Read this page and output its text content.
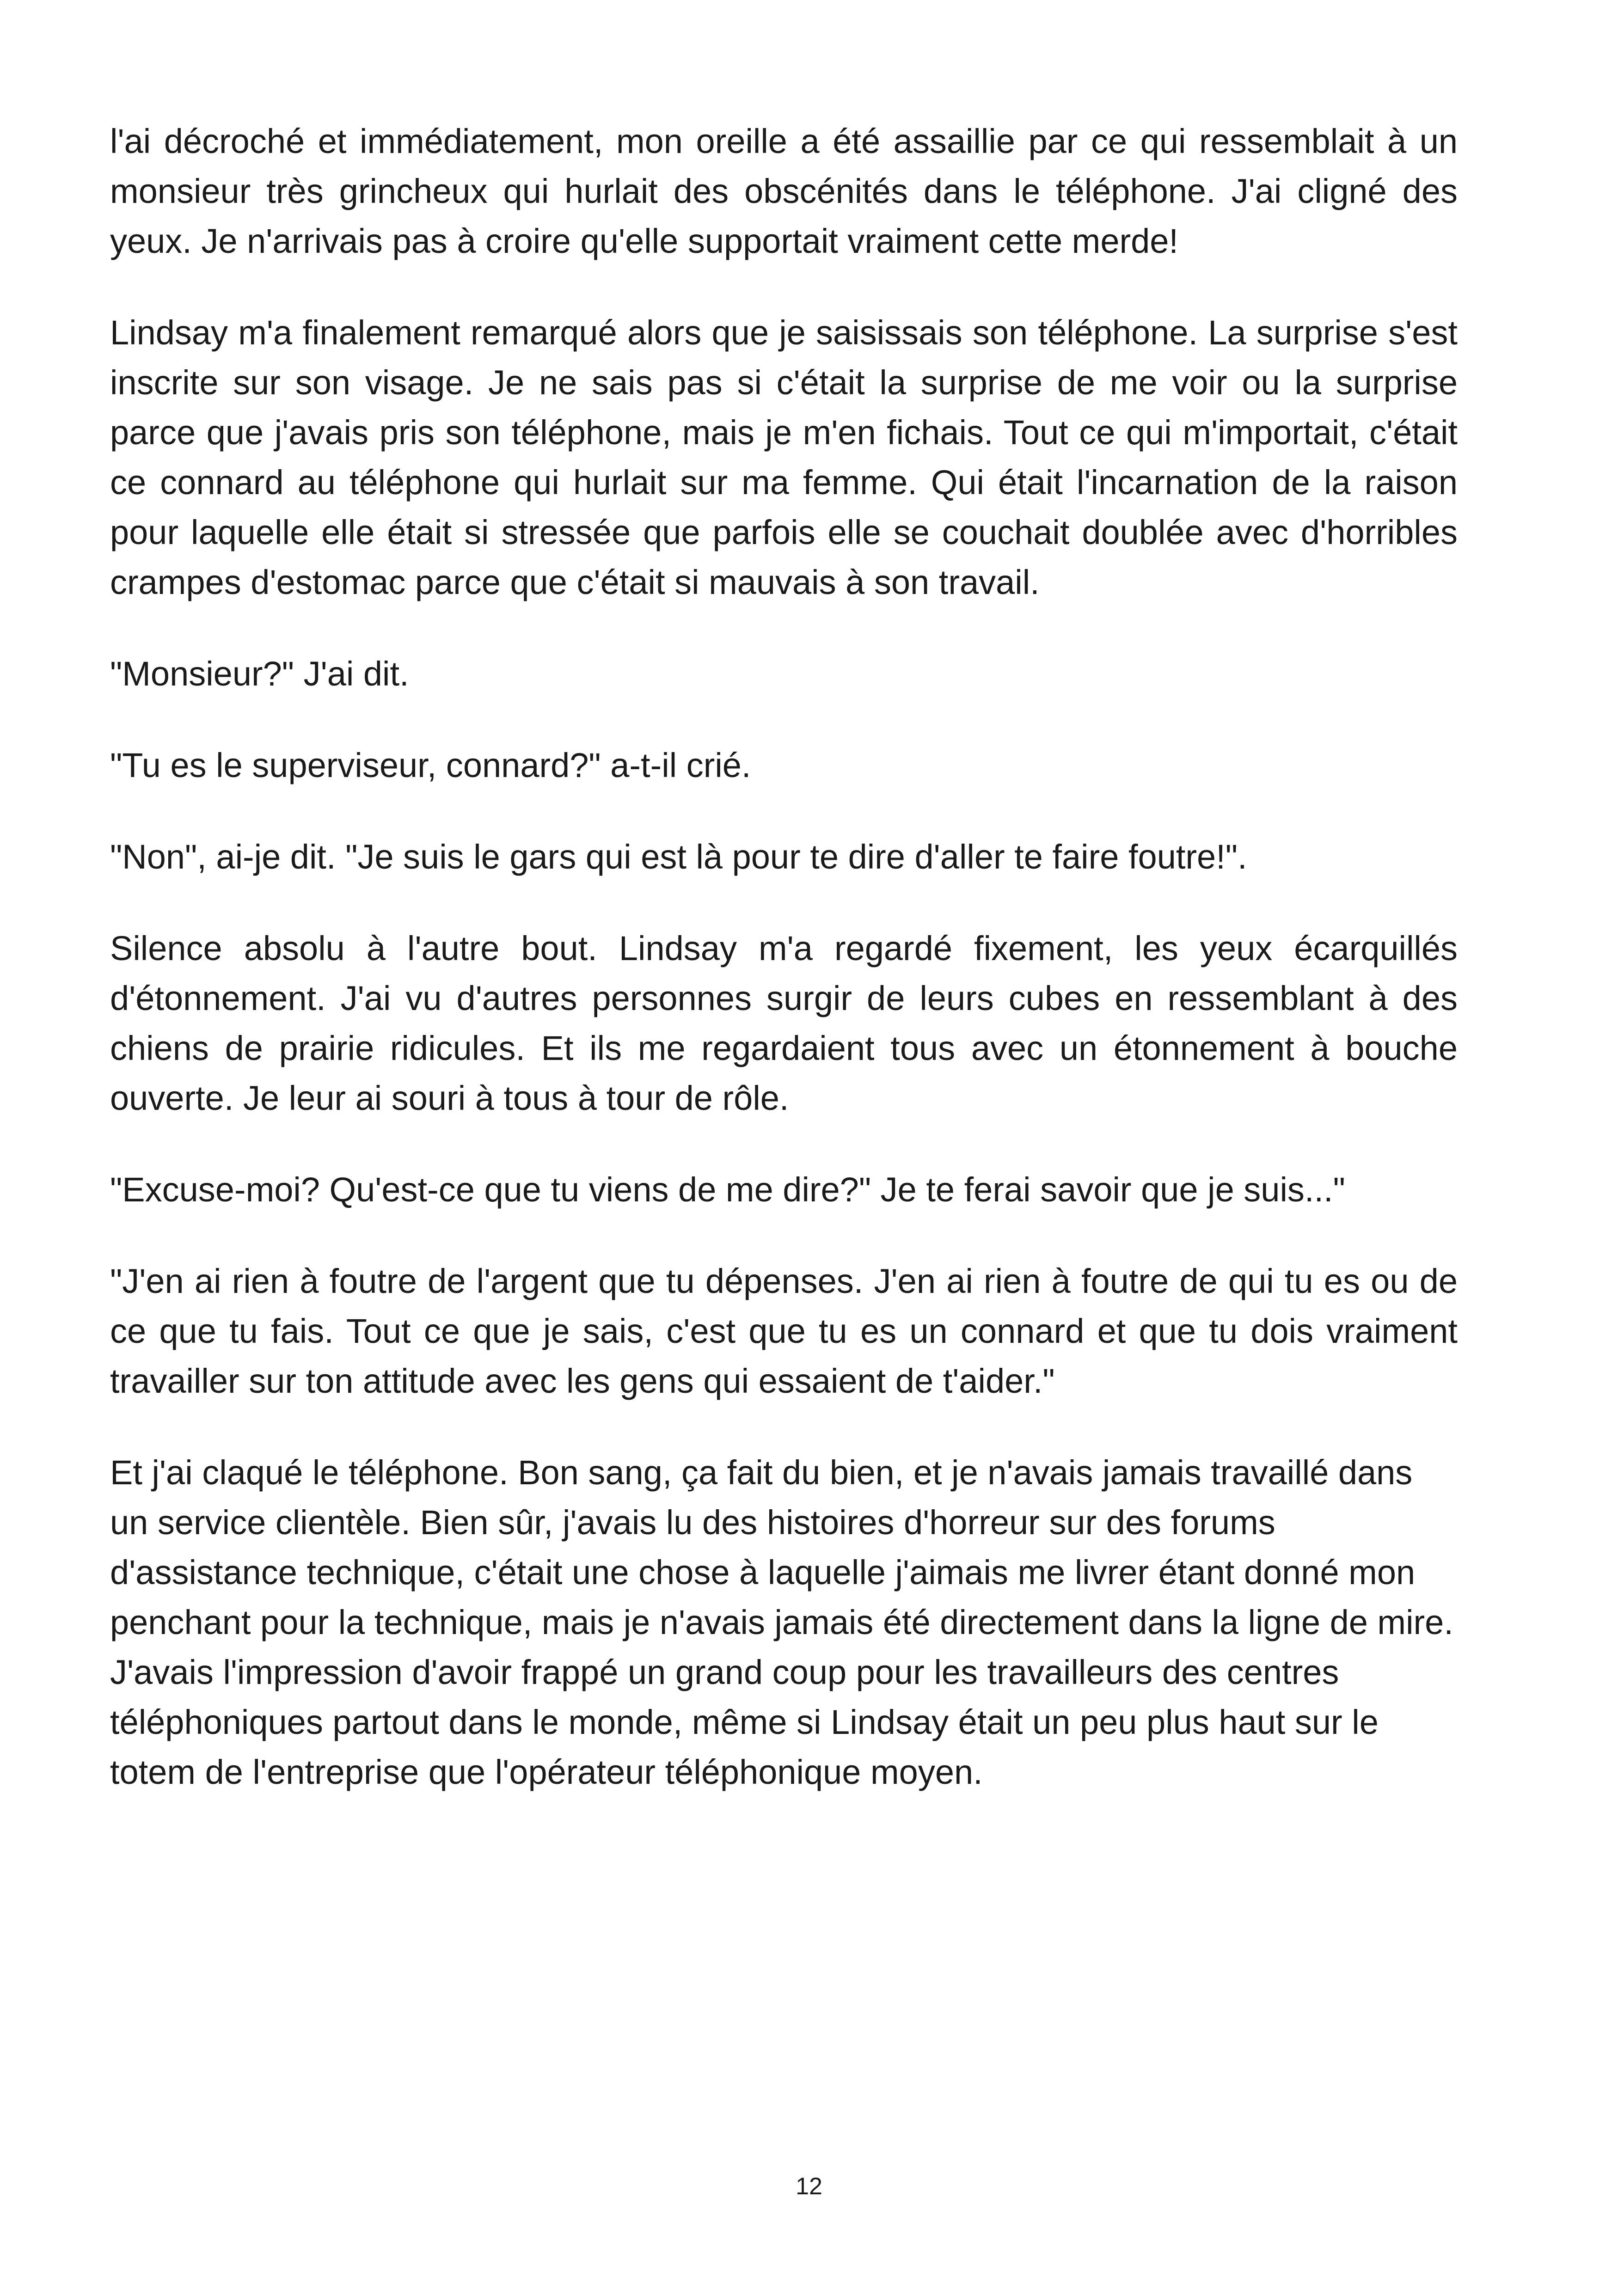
l'ai décroché et immédiatement, mon oreille a été assaillie par ce qui ressemblait à un monsieur très grincheux qui hurlait des obscénités dans le téléphone. J'ai cligné des yeux. Je n'arrivais pas à croire qu'elle supportait vraiment cette merde!

Lindsay m'a finalement remarqué alors que je saisissais son téléphone. La surprise s'est inscrite sur son visage. Je ne sais pas si c'était la surprise de me voir ou la surprise parce que j'avais pris son téléphone, mais je m'en fichais. Tout ce qui m'importait, c'était ce connard au téléphone qui hurlait sur ma femme. Qui était l'incarnation de la raison pour laquelle elle était si stressée que parfois elle se couchait doublée avec d'horribles crampes d'estomac parce que c'était si mauvais à son travail.

"Monsieur?" J'ai dit.

"Tu es le superviseur, connard?" a-t-il crié.

"Non", ai-je dit. "Je suis le gars qui est là pour te dire d'aller te faire foutre!".

Silence absolu à l'autre bout. Lindsay m'a regardé fixement, les yeux écarquillés d'étonnement. J'ai vu d'autres personnes surgir de leurs cubes en ressemblant à des chiens de prairie ridicules. Et ils me regardaient tous avec un étonnement à bouche ouverte. Je leur ai souri à tous à tour de rôle.

"Excuse-moi? Qu'est-ce que tu viens de me dire?" Je te ferai savoir que je suis..."

"J'en ai rien à foutre de l'argent que tu dépenses. J'en ai rien à foutre de qui tu es ou de ce que tu fais. Tout ce que je sais, c'est que tu es un connard et que tu dois vraiment travailler sur ton attitude avec les gens qui essaient de t'aider."

Et j'ai claqué le téléphone. Bon sang, ça fait du bien, et je n'avais jamais travaillé dans un service clientèle. Bien sûr, j'avais lu des histoires d'horreur sur des forums d'assistance technique, c'était une chose à laquelle j'aimais me livrer étant donné mon penchant pour la technique, mais je n'avais jamais été directement dans la ligne de mire. J'avais l'impression d'avoir frappé un grand coup pour les travailleurs des centres téléphoniques partout dans le monde, même si Lindsay était un peu plus haut sur le totem de l'entreprise que l'opérateur téléphonique moyen.

12
